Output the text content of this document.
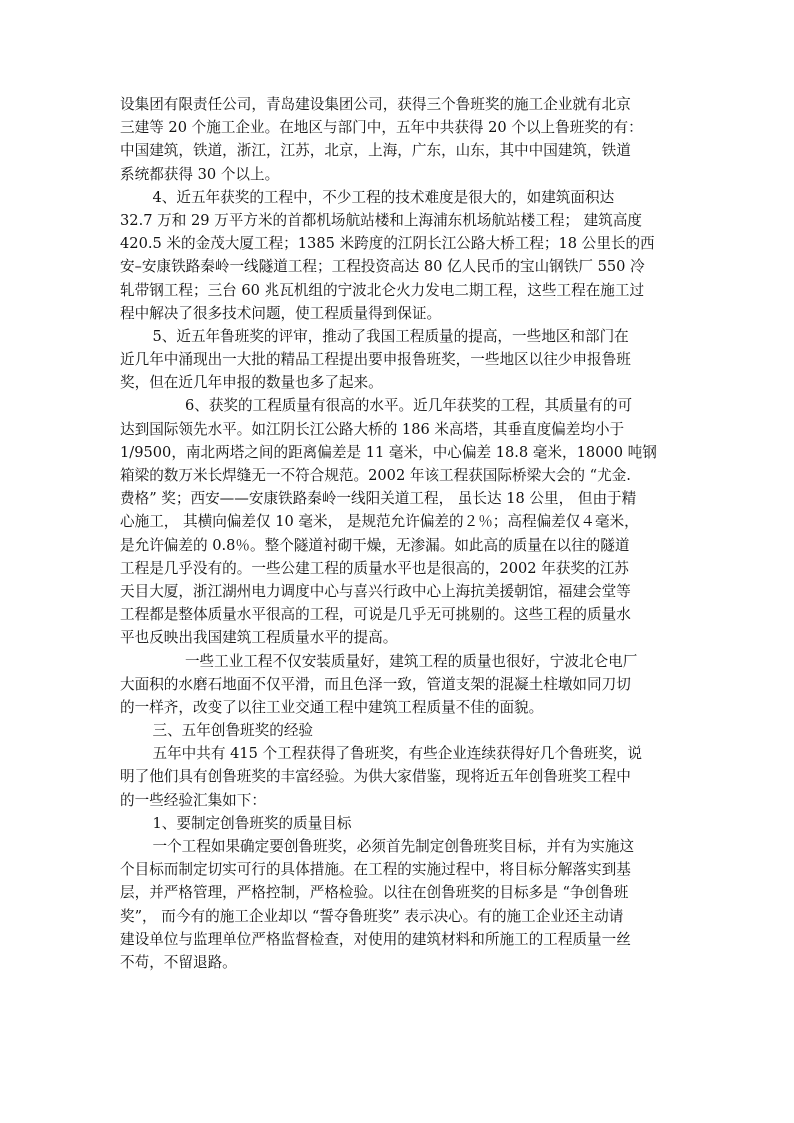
设集团有限责任公司，青岛建设集团公司，获得三个鲁班奖的施工企业就有北京
三建等 20 个施工企业。在地区与部门中，五年中共获得 20 个以上鲁班奖的有：
中国建筑，铁道，浙江，江苏，北京，上海，广东，山东，其中中国建筑，铁道
系统都获得 30 个以上。
4、近五年获奖的工程中，不少工程的技术难度是很大的，如建筑面积达
32.7 万和 29 万平方米的首都机场航站楼和上海浦东机场航站楼工程； 建筑高度
420.5 米的金茂大厦工程；1385 米跨度的江阴长江公路大桥工程；18 公里长的西
安–安康铁路秦岭一线隧道工程；工程投资高达 80 亿人民币的宝山钢铁厂 550 冷
轧带钢工程；三台 60 兆瓦机组的宁波北仑火力发电二期工程，这些工程在施工过
程中解决了很多技术问题，使工程质量得到保证。
5、近五年鲁班奖的评审，推动了我国工程质量的提高，一些地区和部门在
近几年中涌现出一大批的精品工程提出要申报鲁班奖，一些地区以往少申报鲁班
奖，但在近几年申报的数量也多了起来。
6、获奖的工程质量有很高的水平。近几年获奖的工程，其质量有的可
达到国际领先水平。如江阴长江公路大桥的 186 米高塔，其垂直度偏差均小于
1/9500，南北两塔之间的距离偏差是 11 毫米，中心偏差 18.8 毫米，18000 吨钢
箱梁的数万米长焊缝无一不符合规范。2002 年该工程获国际桥梁大会的 “尤金.
费格” 奖；西安——安康铁路秦岭一线阳关道工程， 虽长达 18 公里， 但由于精
心施工， 其横向偏差仅 10 毫米， 是规范允许偏差的２％；高程偏差仅４毫米，
是允许偏差的 0.8％。整个隧道衬砌干燥，无渗漏。如此高的质量在以往的隧道
工程是几乎没有的。一些公建工程的质量水平也是很高的，2002 年获奖的江苏
天目大厦，浙江湖州电力调度中心与喜兴行政中心上海抗美援朝馆，福建会堂等
工程都是整体质量水平很高的工程，可说是几乎无可挑剔的。这些工程的质量水
平也反映出我国建筑工程质量水平的提高。
一些工业工程不仅安装质量好，建筑工程的质量也很好，宁波北仑电厂
大面积的水磨石地面不仅平滑，而且色泽一致，管道支架的混凝土柱墩如同刀切
的一样齐，改变了以往工业交通工程中建筑工程质量不佳的面貌。
三、五年创鲁班奖的经验
五年中共有 415 个工程获得了鲁班奖，有些企业连续获得好几个鲁班奖，说
明了他们具有创鲁班奖的丰富经验。为供大家借鉴，现将近五年创鲁班奖工程中
的一些经验汇集如下：
1、要制定创鲁班奖的质量目标
一个工程如果确定要创鲁班奖，必须首先制定创鲁班奖目标，并有为实施这
个目标而制定切实可行的具体措施。在工程的实施过程中，将目标分解落实到基
层，并严格管理，严格控制，严格检验。以往在创鲁班奖的目标多是 “争创鲁班
奖”， 而今有的施工企业却以 “誓夺鲁班奖” 表示决心。有的施工企业还主动请
建设单位与监理单位严格监督检查，对使用的建筑材料和所施工的工程质量一丝
不苟，不留退路。
